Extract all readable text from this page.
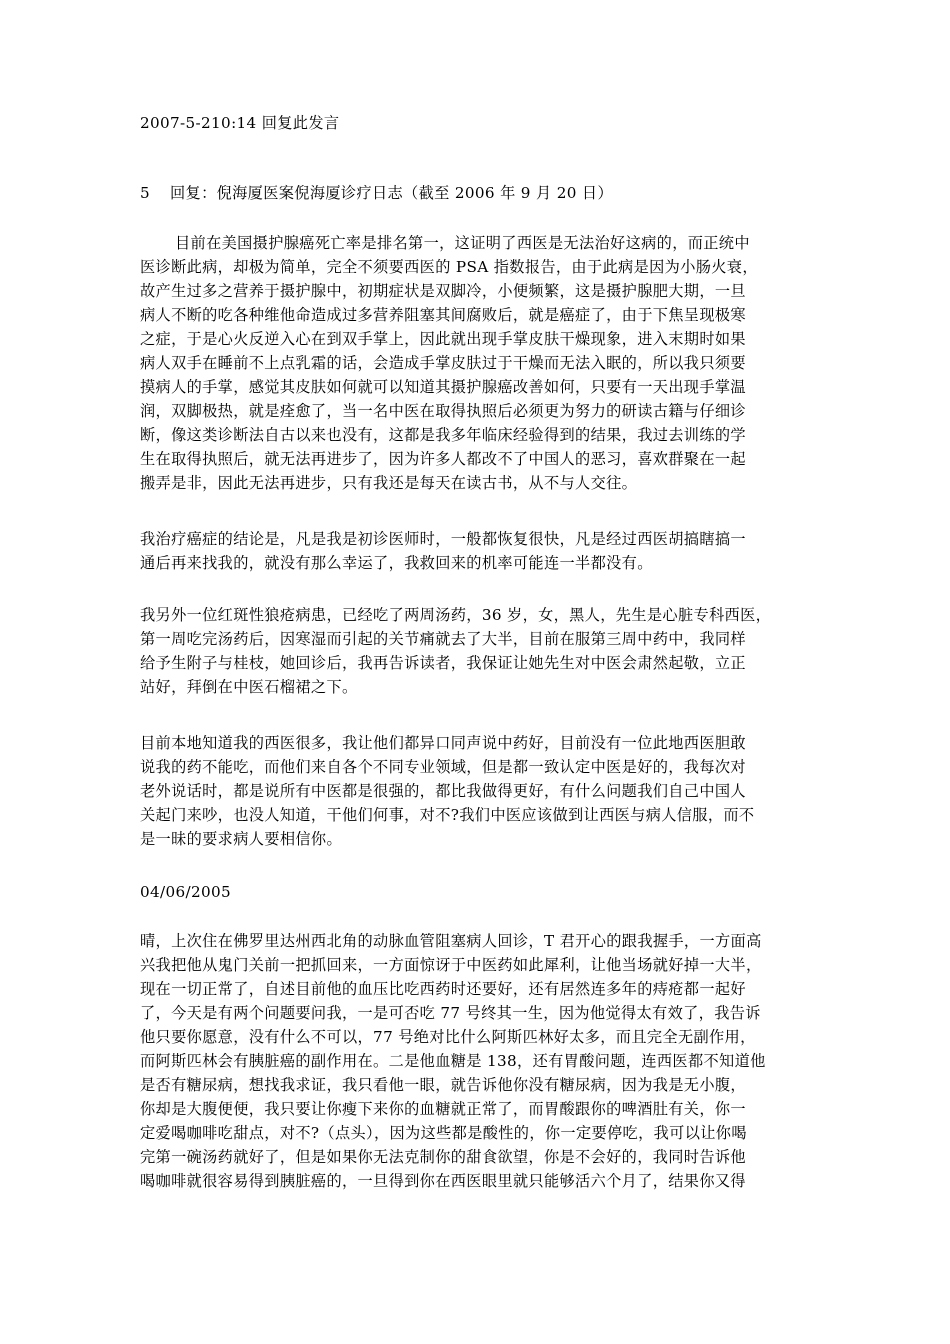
2007-5-210:14 回复此发言
5 回复：倪海厦医案倪海厦诊疗日志（截至 2006 年 9 月 20 日）
目前在美国摄护腺癌死亡率是排名第一，这证明了西医是无法治好这病的，而正统中
医诊断此病，却极为简单，完全不须要西医的 PSA 指数报告，由于此病是因为小肠火衰，
故产生过多之营养于摄护腺中，初期症状是双脚冷，小便频繁，这是摄护腺肥大期，一旦
病人不断的吃各种维他命造成过多营养阻塞其间腐败后，就是癌症了，由于下焦呈现极寒
之症，于是心火反逆入心在到双手掌上，因此就出现手掌皮肤干燥现象，进入末期时如果
病人双手在睡前不上点乳霜的话，会造成手掌皮肤过于干燥而无法入眠的，所以我只须要
摸病人的手掌，感觉其皮肤如何就可以知道其摄护腺癌改善如何，只要有一天出现手掌温
润，双脚极热，就是痊愈了，当一名中医在取得执照后必须更为努力的研读古籍与仔细诊
断，像这类诊断法自古以来也没有，这都是我多年临床经验得到的结果，我过去训练的学
生在取得执照后，就无法再进步了，因为许多人都改不了中国人的恶习，喜欢群聚在一起
搬弄是非，因此无法再进步，只有我还是每天在读古书，从不与人交往。
我治疗癌症的结论是，凡是我是初诊医师时，一般都恢复很快，凡是经过西医胡搞瞎搞一
通后再来找我的，就没有那么幸运了，我救回来的机率可能连一半都没有。
我另外一位红斑性狼疮病患，已经吃了两周汤药，36 岁，女，黑人，先生是心脏专科西医，
第一周吃完汤药后，因寒湿而引起的关节痛就去了大半，目前在服第三周中药中，我同样
给予生附子与桂枝，她回诊后，我再告诉读者，我保证让她先生对中医会肃然起敬，立正
站好，拜倒在中医石榴裙之下。
目前本地知道我的西医很多，我让他们都异口同声说中药好，目前没有一位此地西医胆敢
说我的药不能吃，而他们来自各个不同专业领域，但是都一致认定中医是好的，我每次对
老外说话时，都是说所有中医都是很强的，都比我做得更好，有什么问题我们自己中国人
关起门来吵，也没人知道，干他们何事，对不?我们中医应该做到让西医与病人信服，而不
是一昧的要求病人要相信你。
04/06/2005
晴，上次住在佛罗里达州西北角的动脉血管阻塞病人回诊，T 君开心的跟我握手，一方面高
兴我把他从鬼门关前一把抓回来，一方面惊讶于中医药如此犀利，让他当场就好掉一大半，
现在一切正常了，自述目前他的血压比吃西药时还要好，还有居然连多年的痔疮都一起好
了，今天是有两个问题要问我，一是可否吃 77 号终其一生，因为他觉得太有效了，我告诉
他只要你愿意，没有什么不可以，77 号绝对比什么阿斯匹林好太多，而且完全无副作用，
而阿斯匹林会有胰脏癌的副作用在。二是他血糖是 138，还有胃酸问题，连西医都不知道他
是否有糖尿病，想找我求证，我只看他一眼，就告诉他你没有糖尿病，因为我是无小腹，
你却是大腹便便，我只要让你瘦下来你的血糖就正常了，而胃酸跟你的啤酒肚有关，你一
定爱喝咖啡吃甜点，对不?（点头），因为这些都是酸性的，你一定要停吃，我可以让你喝
完第一碗汤药就好了，但是如果你无法克制你的甜食欲望，你是不会好的，我同时告诉他
喝咖啡就很容易得到胰脏癌的，一旦得到你在西医眼里就只能够活六个月了，结果你又得
